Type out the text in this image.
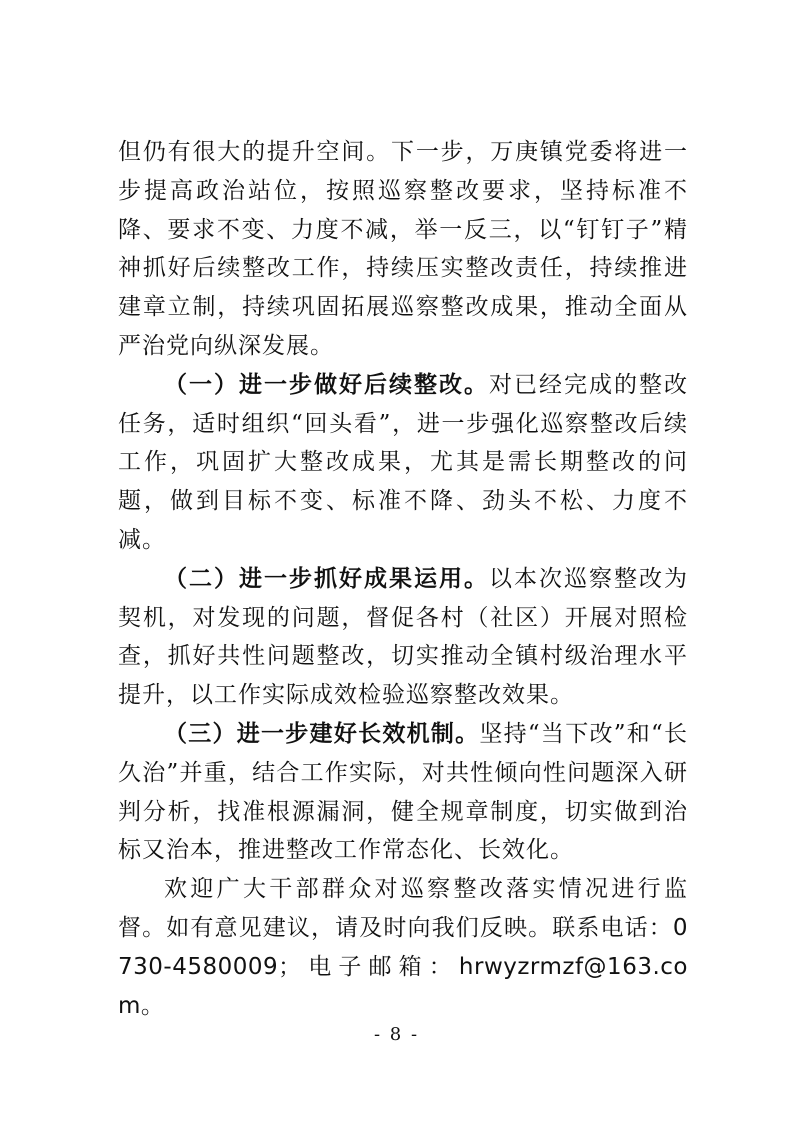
但仍有很大的提升空间。下一步，万庚镇党委将进一步提高政治站位，按照巡察整改要求，坚持标准不降、要求不变、力度不减，举一反三，以“钉钉子”精神抓好后续整改工作，持续压实整改责任，持续推进建章立制，持续巩固拓展巡察整改成果，推动全面从严治党向纵深发展。

（一）进一步做好后续整改。对已经完成的整改任务，适时组织“回头看”，进一步强化巡察整改后续工作，巩固扩大整改成果，尤其是需长期整改的问题，做到目标不变、标准不降、劲头不松、力度不减。

（二）进一步抓好成果运用。以本次巡察整改为契机，对发现的问题，督促各村（社区）开展对照检查，抓好共性问题整改，切实推动全镇村级治理水平提升，以工作实际成效检验巡察整改效果。

（三）进一步建好长效机制。坚持“当下改”和“长久治”并重，结合工作实际，对共性倾向性问题深入研判分析，找准根源漏洞，健全规章制度，切实做到治标又治本，推进整改工作常态化、长效化。

欢迎广大干部群众对巡察整改落实情况进行监督。如有意见建议，请及时向我们反映。联系电话：0730-4580009；电子邮箱：hrwyzrmzf@163.com。

- 8 -
